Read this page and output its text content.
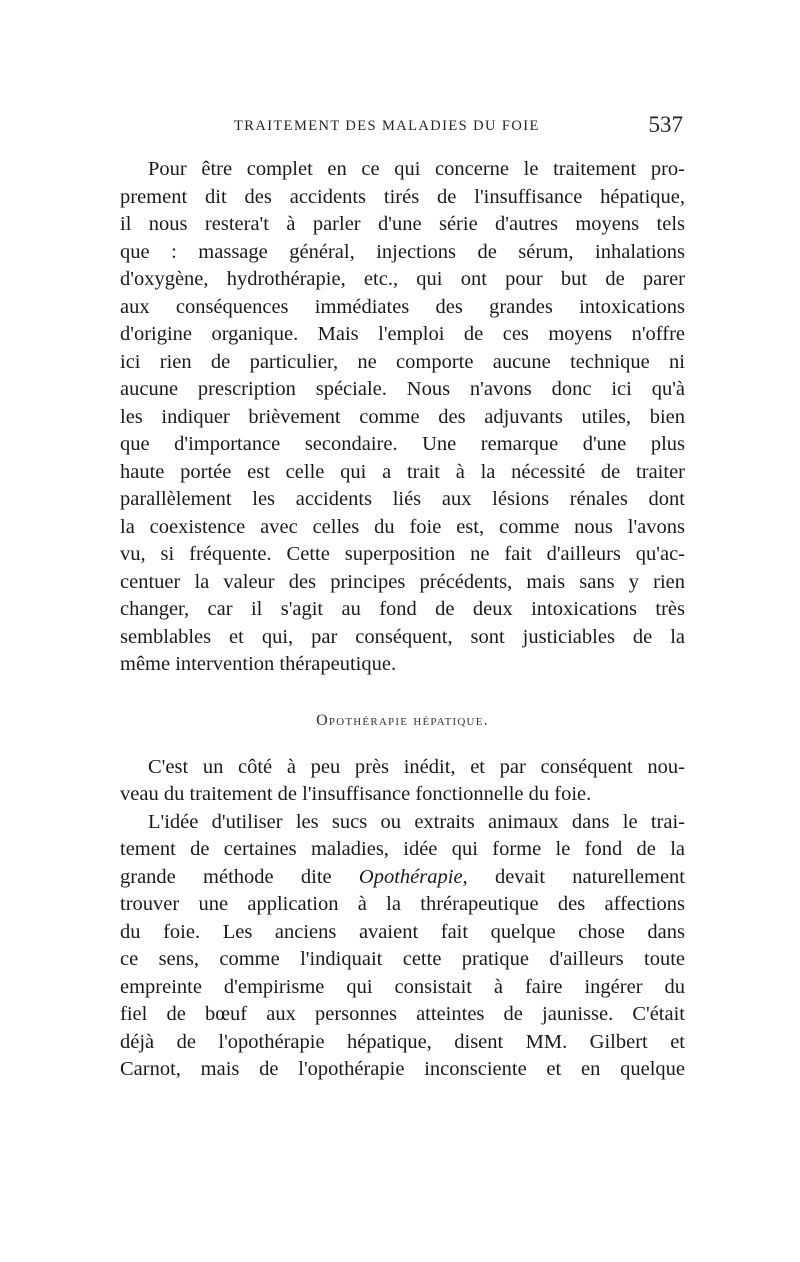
TRAITEMENT DES MALADIES DU FOIE	537
Pour être complet en ce qui concerne le traitement pro-
prement dit des accidents tirés de l'insuffisance hépatique,
il nous restera't à parler d'une série d'autres moyens tels
que : massage général, injections de sérum, inhalations
d'oxygène, hydrothérapie, etc., qui ont pour but de parer
aux conséquences immédiates des grandes intoxications
d'origine organique. Mais l'emploi de ces moyens n'offre
ici rien de particulier, ne comporte aucune technique ni
aucune prescription spéciale. Nous n'avons donc ici qu'à
les indiquer brièvement comme des adjuvants utiles, bien
que d'importance secondaire. Une remarque d'une plus
haute portée est celle qui a trait à la nécessité de traiter
parallèlement les accidents liés aux lésions rénales dont
la coexistence avec celles du foie est, comme nous l'avons
vu, si fréquente. Cette superposition ne fait d'ailleurs qu'ac-
centuer la valeur des principes précédents, mais sans y rien
changer, car il s'agit au fond de deux intoxications très
semblables et qui, par conséquent, sont justiciables de la
même intervention thérapeutique.
Opothérapie hépatique.
C'est un côté à peu près inédit, et par conséquent nou-
veau du traitement de l'insuffisance fonctionnelle du foie.
L'idée d'utiliser les sucs ou extraits animaux dans le trai-
tement de certaines maladies, idée qui forme le fond de la
grande méthode dite Opothérapie, devait naturellement
trouver une application à la thrérapeutique des affections
du foie. Les anciens avaient fait quelque chose dans
ce sens, comme l'indiquait cette pratique d'ailleurs toute
empreinte d'empirisme qui consistait à faire ingérer du
fiel de bœuf aux personnes atteintes de jaunisse. C'était
déjà de l'opothérapie hépatique, disent MM. Gilbert et
Carnot, mais de l'opothérapie inconsciente et en quelque
